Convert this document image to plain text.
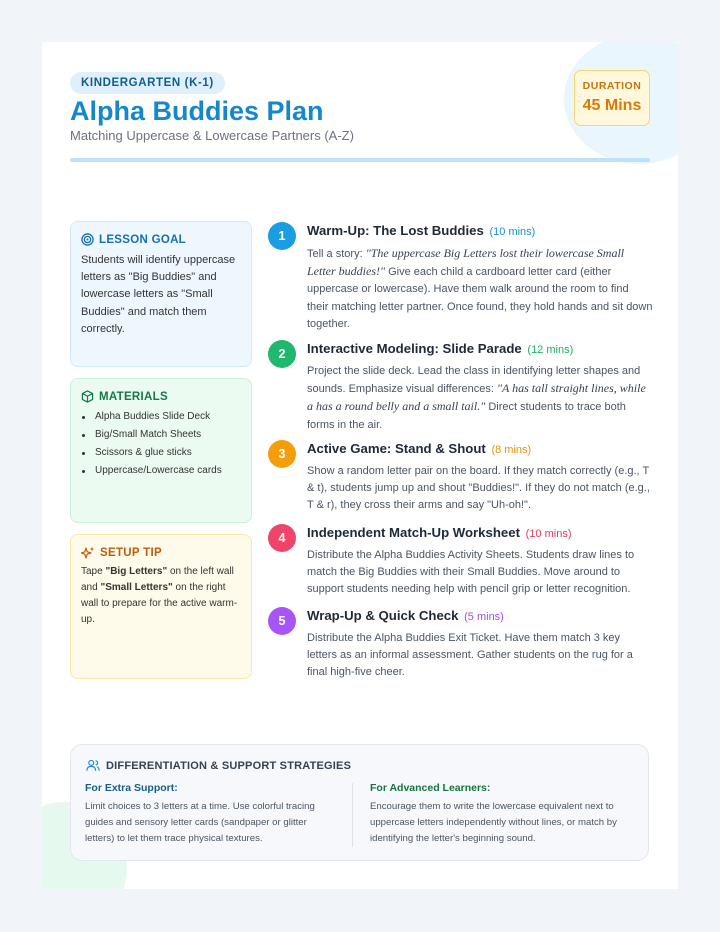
KINDERGARTEN (K-1)
Alpha Buddies Plan
Matching Uppercase & Lowercase Partners (A-Z)
DURATION
45 Mins
LESSON GOAL
Students will identify uppercase letters as "Big Buddies" and lowercase letters as "Small Buddies" and match them correctly.
MATERIALS
Alpha Buddies Slide Deck
Big/Small Match Sheets
Scissors & glue sticks
Uppercase/Lowercase cards
SETUP TIP
Tape "Big Letters" on the left wall and "Small Letters" on the right wall to prepare for the active warm-up.
1	Warm-Up: The Lost Buddies (10 mins)
Tell a story: "The uppercase Big Letters lost their lowercase Small Letter buddies!" Give each child a cardboard letter card (either uppercase or lowercase). Have them walk around the room to find their matching letter partner. Once found, they hold hands and sit down together.
2	Interactive Modeling: Slide Parade (12 mins)
Project the slide deck. Lead the class in identifying letter shapes and sounds. Emphasize visual differences: "A has tall straight lines, while a has a round belly and a small tail." Direct students to trace both forms in the air.
3	Active Game: Stand & Shout (8 mins)
Show a random letter pair on the board. If they match correctly (e.g., T & t), students jump up and shout "Buddies!". If they do not match (e.g., T & r), they cross their arms and say "Uh-oh!".
4	Independent Match-Up Worksheet (10 mins)
Distribute the Alpha Buddies Activity Sheets. Students draw lines to match the Big Buddies with their Small Buddies. Move around to support students needing help with pencil grip or letter recognition.
5	Wrap-Up & Quick Check (5 mins)
Distribute the Alpha Buddies Exit Ticket. Have them match 3 key letters as an informal assessment. Gather students on the rug for a final high-five cheer.
DIFFERENTIATION & SUPPORT STRATEGIES
For Extra Support:
Limit choices to 3 letters at a time. Use colorful tracing guides and sensory letter cards (sandpaper or glitter letters) to let them trace physical textures.
For Advanced Learners:
Encourage them to write the lowercase equivalent next to uppercase letters independently without lines, or match by identifying the letter's beginning sound.
